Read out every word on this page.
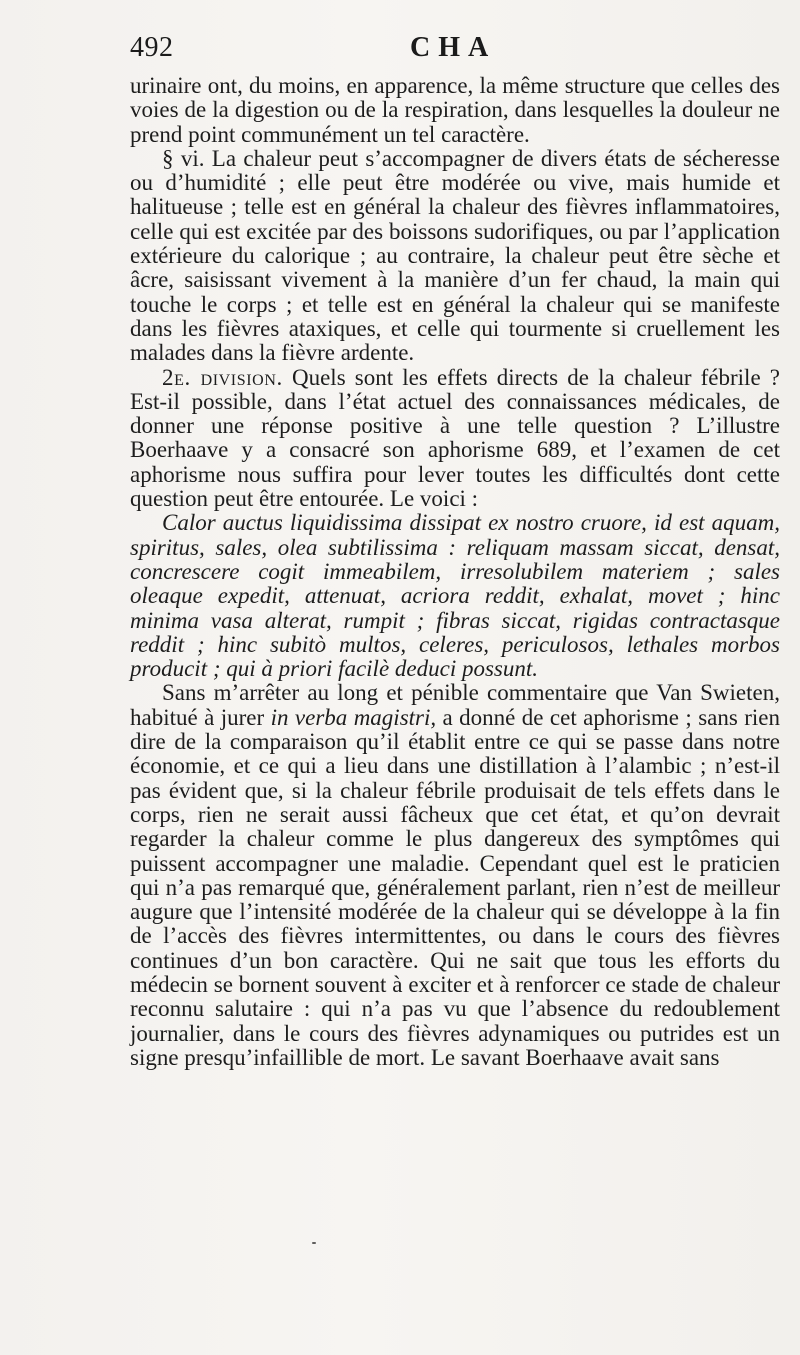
492	CHA

urinaire ont, du moins, en apparence, la même structure que celles des voies de la digestion ou de la respiration, dans lesquelles la douleur ne prend point communément un tel caractère.

§ vi. La chaleur peut s’accompagner de divers états de sécheresse ou d’humidité ; elle peut être modérée ou vive, mais humide et halitueuse ; telle est en général la chaleur des fièvres inflammatoires, celle qui est excitée par des boissons sudorifiques, ou par l’application extérieure du calorique ; au contraire, la chaleur peut être sèche et âcre, saisissant vivement à la manière d’un fer chaud, la main qui touche le corps ; et telle est en général la chaleur qui se manifeste dans les fièvres ataxiques, et celle qui tourmente si cruellement les malades dans la fièvre ardente.

2e. division. Quels sont les effets directs de la chaleur fébrile ? Est-il possible, dans l’état actuel des connaissances médicales, de donner une réponse positive à une telle question ? L’illustre Boerhaave y a consacré son aphorisme 689, et l’examen de cet aphorisme nous suffira pour lever toutes les difficultés dont cette question peut être entourée. Le voici :

Calor auctus liquidissima dissipat ex nostro cruore, id est aquam, spiritus, sales, olea subtilissima : reliquam massam siccat, densat, concrescere cogit immeabilem, irresolubilem materiem ; sales oleaque expedit, attenuat, acriora reddit, exhalat, movet ; hinc minima vasa alterat, rumpit ; fibras siccat, rigidas contractasque reddit ; hinc subitò multos, celeres, periculosos, lethales morbos producit ; qui à priori facilè deduci possunt.

Sans m’arrêter au long et pénible commentaire que Van Swieten, habitué à jurer in verba magistri, a donné de cet aphorisme ; sans rien dire de la comparaison qu’il établit entre ce qui se passe dans notre économie, et ce qui a lieu dans une distillation à l’alambic ; n’est-il pas évident que, si la chaleur fébrile produisait de tels effets dans le corps, rien ne serait aussi fâcheux que cet état, et qu’on devrait regarder la chaleur comme le plus dangereux des symptômes qui puissent accompagner une maladie. Cependant quel est le praticien qui n’a pas remarqué que, généralement parlant, rien n’est de meilleur augure que l’intensité modérée de la chaleur qui se développe à la fin de l’accès des fièvres intermittentes, ou dans le cours des fièvres continues d’un bon caractère. Qui ne sait que tous les efforts du médecin se bornent souvent à exciter et à renforcer ce stade de chaleur reconnu salutaire : qui n’a pas vu que l’absence du redoublement journalier, dans le cours des fièvres adynamiques ou putrides est un signe presqu’infaillible de mort. Le savant Boerhaave avait sans
